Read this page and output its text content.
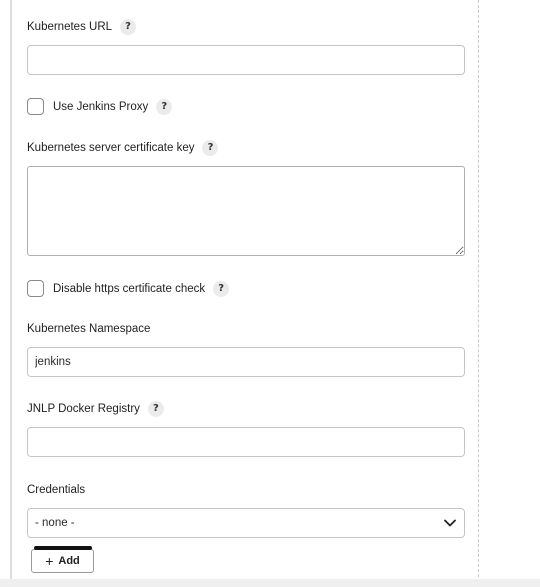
Kubernetes URL	?
Use Jenkins Proxy	?
Kubernetes server certificate key	?
Disable https certificate check	?
Kubernetes Namespace
jenkins
JNLP Docker Registry	?
Credentials
- none -
+ Add
